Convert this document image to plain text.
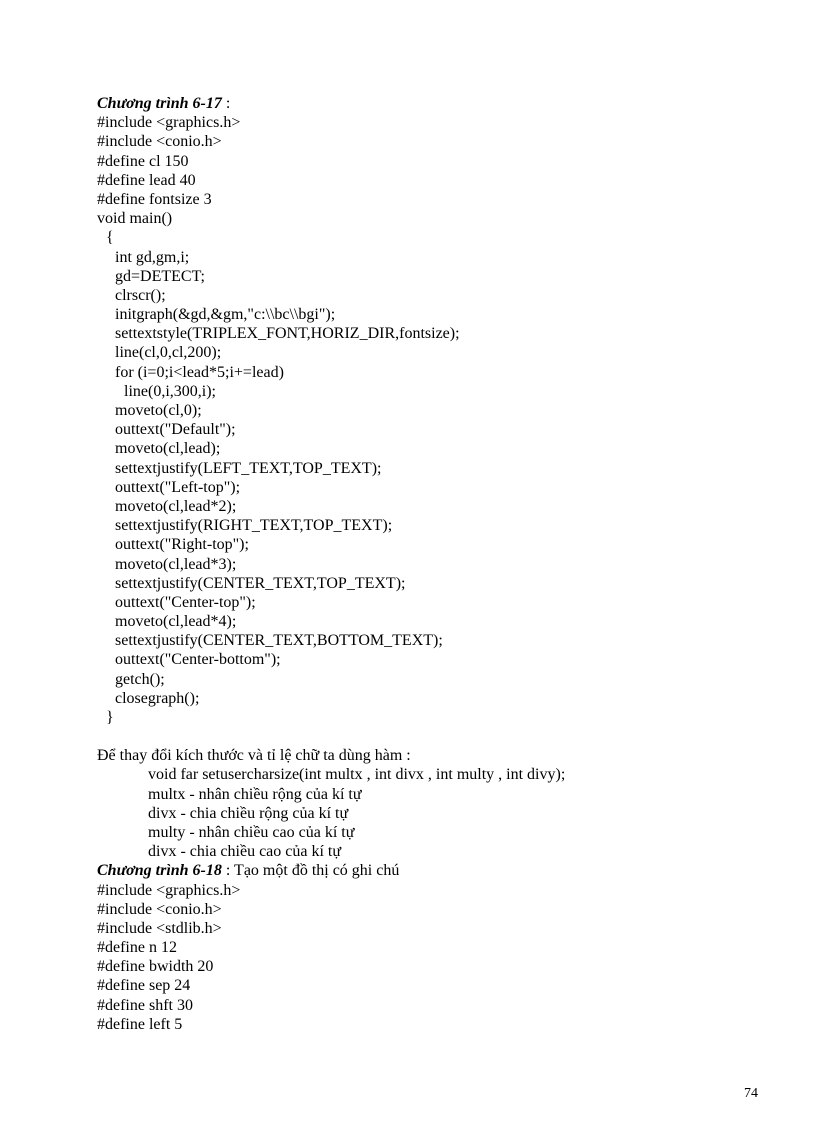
Chương trình 6-17 :
#include <graphics.h>
#include <conio.h>
#define cl 150
#define lead 40
#define fontsize 3
void main()
{
int gd,gm,i;
gd=DETECT;
clrscr();
initgraph(&gd,&gm,"c:\\bc\\bgi");
settextstyle(TRIPLEX_FONT,HORIZ_DIR,fontsize);
line(cl,0,cl,200);
for (i=0;i<lead*5;i+=lead)
line(0,i,300,i);
moveto(cl,0);
outtext("Default");
moveto(cl,lead);
settextjustify(LEFT_TEXT,TOP_TEXT);
outtext("Left-top");
moveto(cl,lead*2);
settextjustify(RIGHT_TEXT,TOP_TEXT);
outtext("Right-top");
moveto(cl,lead*3);
settextjustify(CENTER_TEXT,TOP_TEXT);
outtext("Center-top");
moveto(cl,lead*4);
settextjustify(CENTER_TEXT,BOTTOM_TEXT);
outtext("Center-bottom");
getch();
closegraph();
}
Để thay đổi kích thước và tỉ lệ chữ ta dùng hàm :
void far setusercharsize(int multx , int divx , int multy , int divy);
multx - nhân chiều rộng của kí tự
divx - chia chiều rộng của kí tự
multy - nhân chiều cao của kí tự
divx - chia chiều cao của kí tự
Chương trình 6-18 : Tạo một đồ thị có ghi chú
#include <graphics.h>
#include <conio.h>
#include <stdlib.h>
#define n 12
#define bwidth 20
#define sep 24
#define shft 30
#define left 5
74
